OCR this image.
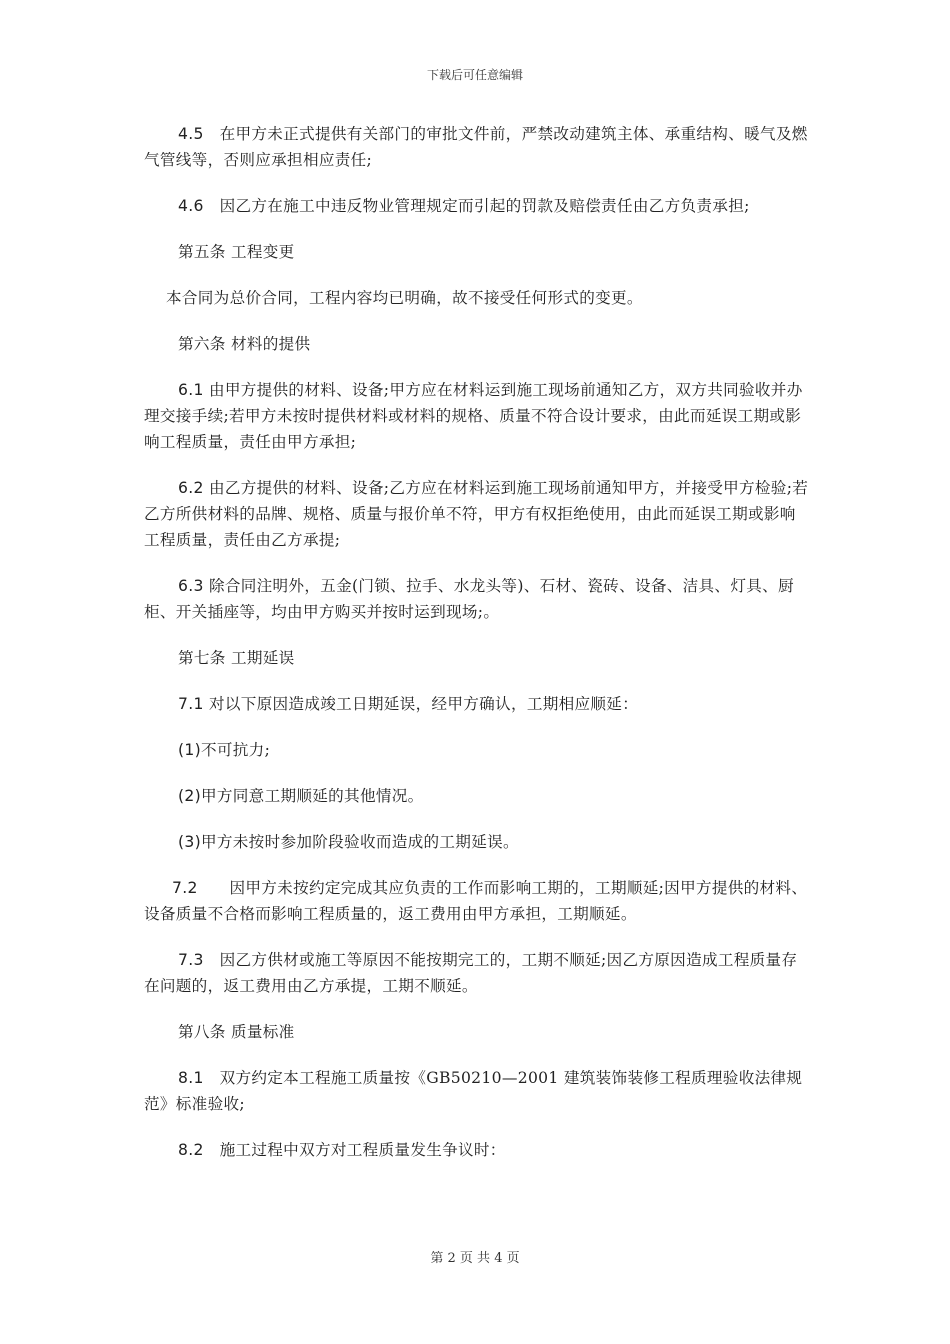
下载后可任意编辑

4.5　在甲方未正式提供有关部门的审批文件前，严禁改动建筑主体、承重结构、暖气及燃气管线等，否则应承担相应责任;

4.6　因乙方在施工中违反物业管理规定而引起的罚款及赔偿责任由乙方负责承担;

第五条 工程变更

本合同为总价合同，工程内容均已明确，故不接受任何形式的变更。

第六条 材料的提供

6.1 由甲方提供的材料、设备;甲方应在材料运到施工现场前通知乙方，双方共同验收并办理交接手续;若甲方未按时提供材料或材料的规格、质量不符合设计要求，由此而延误工期或影响工程质量，责任由甲方承担;

6.2 由乙方提供的材料、设备;乙方应在材料运到施工现场前通知甲方，并接受甲方检验;若乙方所供材料的品牌、规格、质量与报价单不符，甲方有权拒绝使用，由此而延误工期或影响工程质量，责任由乙方承提;

6.3 除合同注明外，五金(门锁、拉手、水龙头等)、石材、瓷砖、设备、洁具、灯具、厨柜、开关插座等，均由甲方购买并按时运到现场;。

第七条 工期延误

7.1 对以下原因造成竣工日期延误，经甲方确认，工期相应顺延：

(1)不可抗力;

(2)甲方同意工期顺延的其他情况。

(3)甲方未按时参加阶段验收而造成的工期延误。

7.2　　因甲方未按约定完成其应负责的工作而影响工期的，工期顺延;因甲方提供的材料、设备质量不合格而影响工程质量的，返工费用由甲方承担，工期顺延。

7.3　因乙方供材或施工等原因不能按期完工的，工期不顺延;因乙方原因造成工程质量存在问题的，返工费用由乙方承提，工期不顺延。

第八条 质量标准

8.1　双方约定本工程施工质量按《GB50210—2001 建筑装饰装修工程质理验收法律规范》标准验收;

8.2　施工过程中双方对工程质量发生争议时：

第 2 页 共 4 页
